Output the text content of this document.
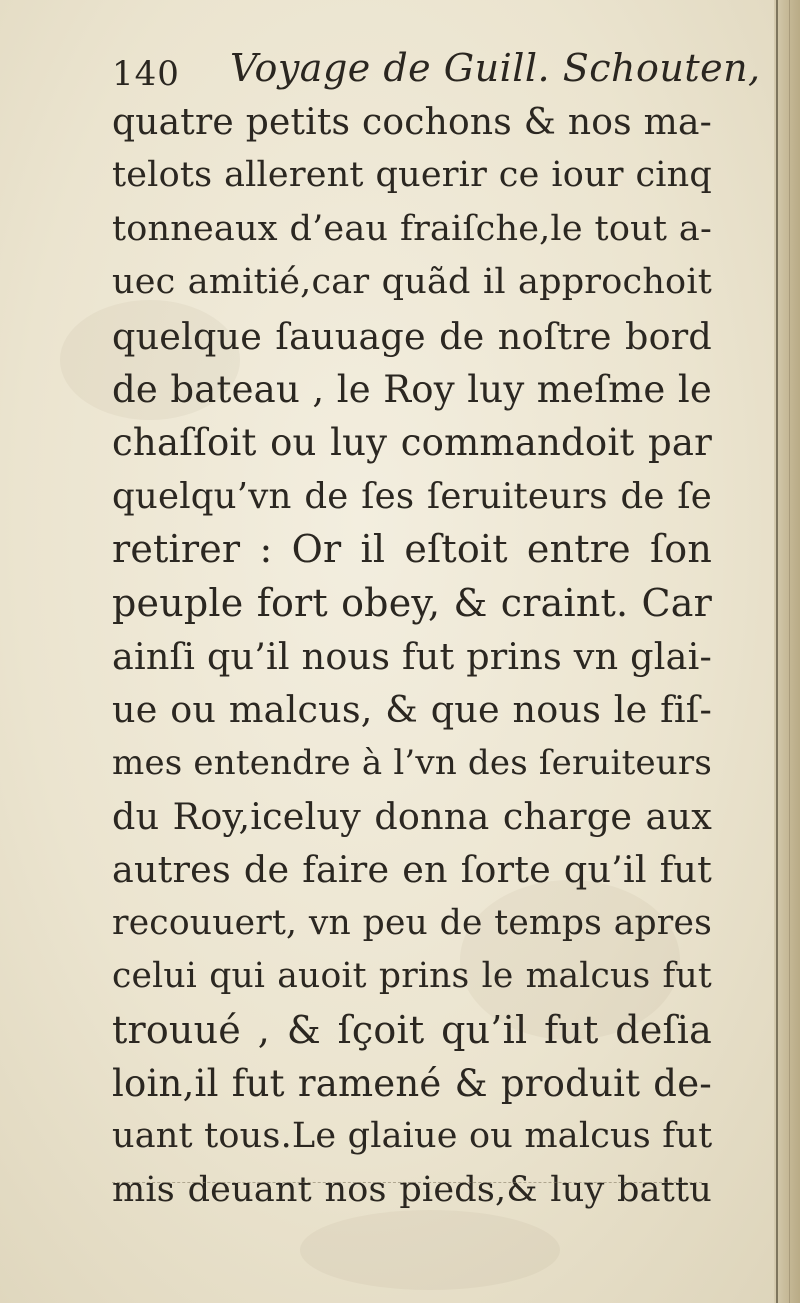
140 Voyage de Guill. Schouten,
quatre petits cochons & nos ma-
telots allerent querir ce iour cinq
tonneaux d’eau fraiſche,le tout a-
uec amitié,car quãd il approchoit
quelque ſauuage de noſtre bord
de bateau , le Roy luy meſme le
chaſſoit ou luy commandoit par
quelqu’vn de ſes ſeruiteurs de ſe
retirer : Or il eſtoit entre ſon
peuple fort obey, & craint. Car
ainſi qu’il nous fut prins vn glai-
ue ou malcus, & que nous le fiſ-
mes entendre à l’vn des ſeruiteurs
du Roy,iceluy donna charge aux
autres de faire en ſorte qu’il fut
recouuert, vn peu de temps apres
celui qui auoit prins le malcus fut
trouué , & ſçoit qu’il fut deſia
loin,il fut ramené & produit de-
uant tous.Le glaiue ou malcus fut
mis deuant nos pieds,& luy battu
